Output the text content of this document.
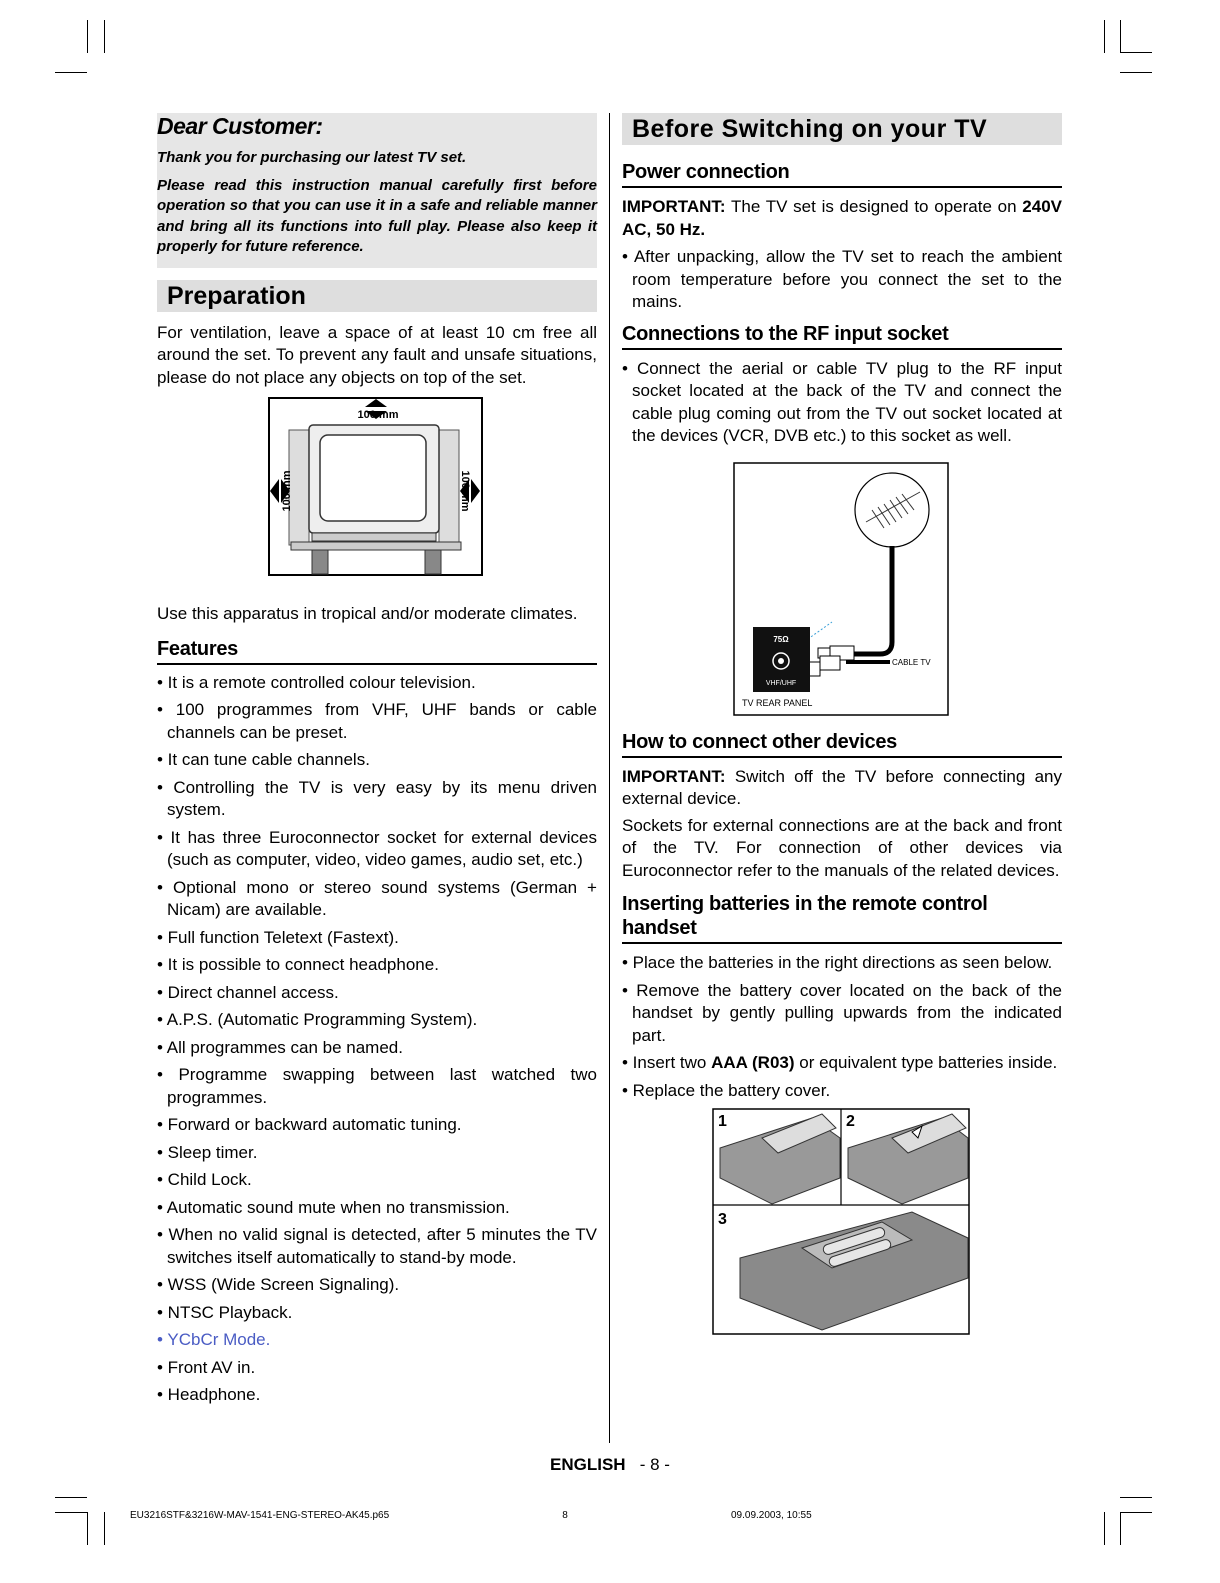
Dear Customer:

Thank you for purchasing our latest TV set.

Please read this instruction manual carefully first before operation so that you can use it in a safe and reliable manner and bring all its functions into full play. Please also keep it properly for future reference.

Preparation

For ventilation, leave a space of at least 10 cm free all around the set. To prevent any fault and unsafe situations, please do not place any objects on top of the set.

100 mm
100 mm	100 mm

Use this apparatus in tropical and/or moderate climates.

Features
• It is a remote controlled colour television.
• 100 programmes from VHF, UHF bands or cable channels can be preset.
• It can tune cable channels.
• Controlling the TV is very easy by its menu driven system.
• It has three Euroconnector socket for external devices (such as computer, video, video games, audio set, etc.)
• Optional mono or stereo sound systems (German + Nicam) are available.
• Full function Teletext (Fastext).
• It is possible to connect headphone.
• Direct channel access.
• A.P.S. (Automatic Programming System).
• All programmes can be named.
• Programme swapping between last watched two programmes.
• Forward or backward automatic tuning.
• Sleep timer.
• Child Lock.
• Automatic sound mute when no transmission.
• When no valid signal is detected, after 5 minutes the TV switches itself automatically to stand-by mode.
• WSS (Wide Screen Signaling).
• NTSC Playback.
• YCbCr Mode.
• Front AV in.
• Headphone.
Before Switching on your TV
Power connection

IMPORTANT: The TV set is designed to operate on 240V AC, 50 Hz.

• After unpacking, allow the TV set to reach the ambient room temperature before you connect the set to the mains.
Connections to the RF input socket
• Connect the aerial or cable TV plug to the RF input socket located at the back of the TV and connect the cable plug coming out from the TV out socket located at the devices (VCR, DVB etc.) to this socket as well.
75Ω
VHF/UHF
CABLE TV
TV REAR PANEL
How to connect other devices

IMPORTANT: Switch off the TV before connecting any external device.

Sockets for external connections are at the back and front of the TV. For connection of other devices via Euroconnector refer to the manuals of the related devices.

Inserting batteries in the remote control handset
• Place the batteries in the right directions as seen below.
• Remove the battery cover located on the back of the handset by gently pulling upwards from the indicated part.
• Insert two AAA (R03) or equivalent type batteries inside.
• Replace the battery cover.
1	2
3
ENGLISH - 8 -
EU3216STF&3216W-MAV-1541-ENG-STEREO-AK45.p65	8	09.09.2003, 10:55
